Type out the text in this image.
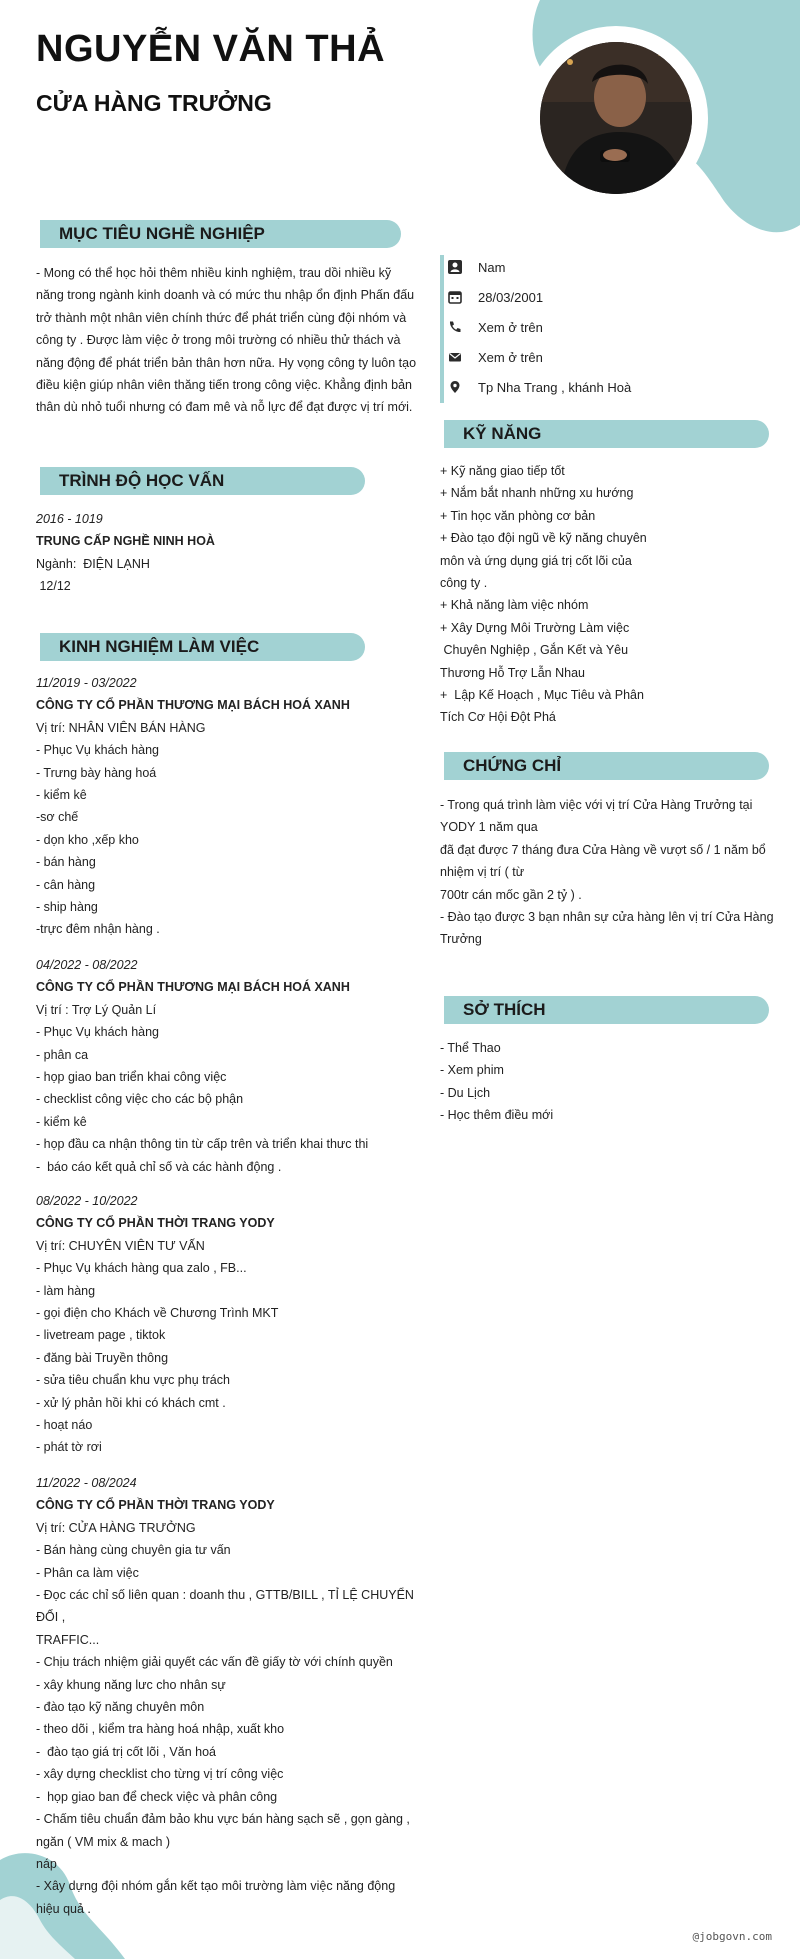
NGUYỄN VĂN THẢ
CỬA HÀNG TRƯỞNG
MỤC TIÊU NGHỀ NGHIỆP
- Mong có thể học hỏi thêm nhiều kinh nghiệm, trau dồi nhiều kỹ
năng trong ngành kinh doanh và có mức thu nhập ổn định Phấn đấu
trở thành một nhân viên chính thức để phát triển cùng đội nhóm và
công ty . Được làm việc ở trong môi trường có nhiều thử thách và
năng động để phát triển bản thân hơn nữa. Hy vọng công ty luôn tạo
điều kiện giúp nhân viên thăng tiến trong công việc. Khẳng định bản
thân dù nhỏ tuổi nhưng có đam mê và nỗ lực để đạt được vị trí mới.
Nam
28/03/2001
Xem ở trên
Xem ở trên
Tp Nha Trang , khánh Hoà
KỸ NĂNG
+ Kỹ năng giao tiếp tốt
+ Nắm bắt nhanh những xu hướng
+ Tin học văn phòng cơ bản
+ Đào tạo đội ngũ về kỹ năng chuyên
môn và ứng dụng giá trị cốt lõi của
công ty .
+ Khả năng làm việc nhóm
+ Xây Dựng Môi Trường Làm việc
Chuyên Nghiệp , Gắn Kết và Yêu
Thương Hỗ Trợ Lẫn Nhau
+  Lập Kế Hoạch , Mục Tiêu và Phân
Tích Cơ Hội Đột Phá
CHỨNG CHỈ
- Trong quá trình làm việc với vị trí Cửa Hàng Trưởng tại
YODY 1 năm qua
đã đạt được 7 tháng đưa Cửa Hàng về vượt số / 1 năm bổ
nhiệm vị trí ( từ
700tr cán mốc gần 2 tỷ ) .
- Đào tạo được 3 bạn nhân sự cửa hàng lên vị trí Cửa Hàng
Trưởng
SỞ THÍCH
- Thể Thao
- Xem phim
- Du Lịch
- Học thêm điều mới
TRÌNH ĐỘ HỌC VẤN
2016 - 1019
TRUNG CẤP NGHỀ NINH HOÀ
Ngành:  ĐIỆN LẠNH
12/12
KINH NGHIỆM LÀM VIỆC
11/2019 - 03/2022
CÔNG TY CỔ PHẦN THƯƠNG MẠI BÁCH HOÁ XANH
Vị trí: NHÂN VIÊN BÁN HÀNG
- Phục Vụ khách hàng
- Trưng bày hàng hoá
- kiểm kê
-sơ chế
- dọn kho ,xếp kho
- bán hàng
- cân hàng
- ship hàng
-trực đêm nhận hàng .
04/2022 - 08/2022
CÔNG TY CỔ PHẦN THƯƠNG MẠI BÁCH HOÁ XANH
Vị trí : Trợ Lý Quản Lí
- Phục Vụ khách hàng
- phân ca
- họp giao ban triển khai công việc
- checklist công việc cho các bộ phận
- kiểm kê
- họp đầu ca nhận thông tin từ cấp trên và triển khai thưc thi
-  báo cáo kết quả chỉ số và các hành động .
08/2022 - 10/2022
CÔNG TY CỔ PHẦN THỜI TRANG YODY
Vị trí: CHUYÊN VIÊN TƯ VẤN
- Phục Vụ khách hàng qua zalo , FB...
- làm hàng
- gọi điện cho Khách về Chương Trình MKT
- livetream page , tiktok
- đăng bài Truyền thông
- sửa tiêu chuẩn khu vực phụ trách
- xử lý phản hồi khi có khách cmt .
- hoạt náo
- phát tờ rơi
11/2022 - 08/2024
CÔNG TY CỔ PHẦN THỜI TRANG YODY
Vị trí: CỬA HÀNG TRƯỞNG
- Bán hàng cùng chuyên gia tư vấn
- Phân ca làm việc
- Đọc các chỉ số liên quan : doanh thu , GTTB/BILL , TỈ LỆ CHUYỂN
ĐỔI ,
TRAFFIC...
- Chịu trách nhiệm giải quyết các vấn đề giấy tờ với chính quyền
- xây khung năng lưc cho nhân sự
- đào tạo kỹ năng chuyên môn
- theo dõi , kiểm tra hàng hoá nhập, xuất kho
-  đào tạo giá trị cốt lõi , Văn hoá
- xây dựng checklist cho từng vị trí công việc
-  họp giao ban để check việc và phân công
- Chấm tiêu chuẩn đảm bảo khu vực bán hàng sạch sẽ , gọn gàng ,
ngăn ( VM mix & mach )
náp
- Xây dựng đội nhóm gắn kết tạo môi trường làm việc năng động
hiệu quả .
@jobgovn.com
